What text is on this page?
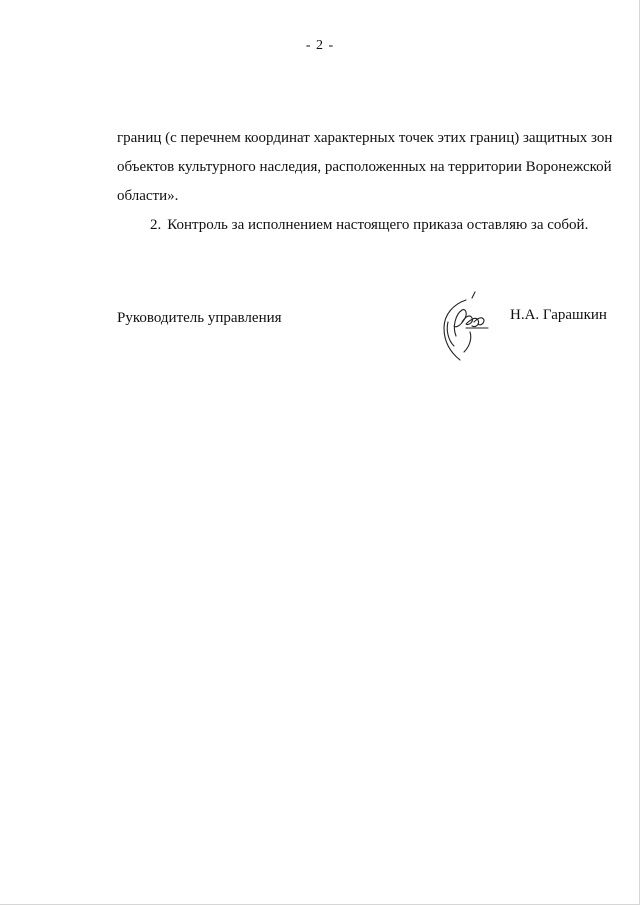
- 2 -
границ (с перечнем координат характерных точек этих границ) защитных зон
объектов культурного наследия, расположенных на территории Воронежской
области».
2. Контроль за исполнением настоящего приказа оставляю за собой.
Руководитель управления	Н.А. Гарашкин
